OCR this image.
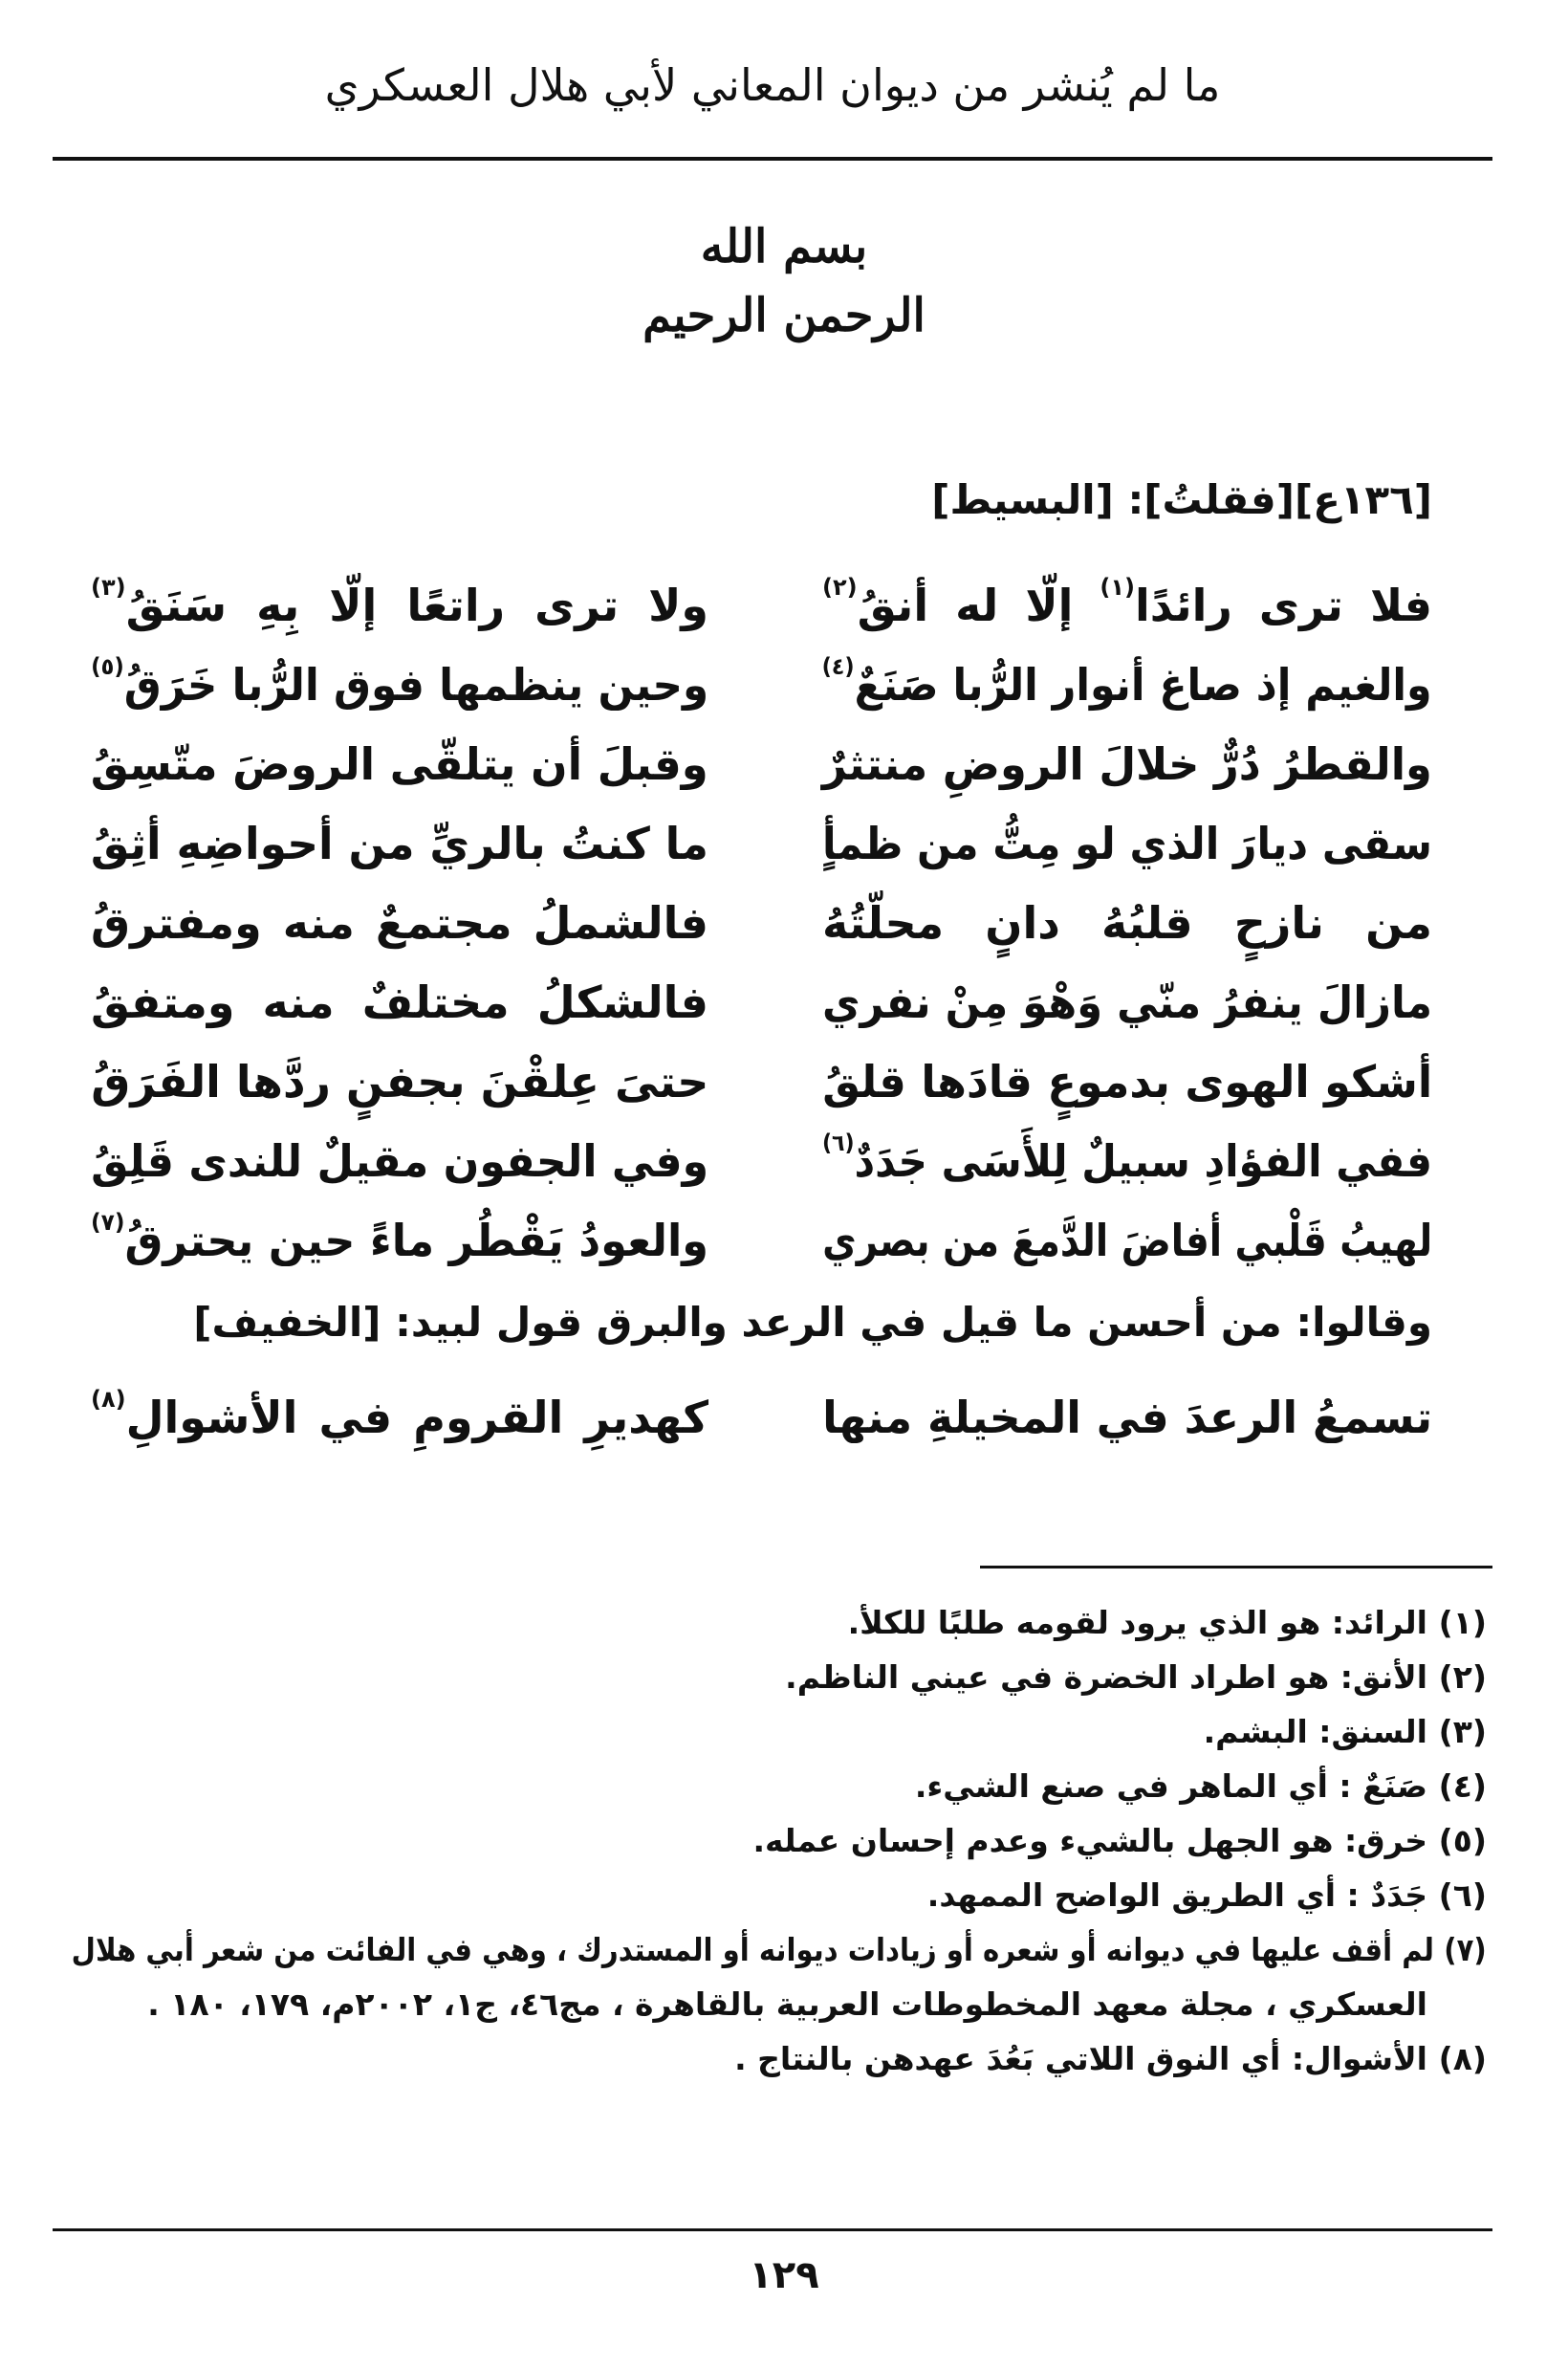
ما لم يُنشر من ديوان المعاني لأبي هلال العسكري
بسم الله
الرحمن الرحيم
[١٣٦ع][فقلتُ]: [البسيط]
فلا ترى رائدًا$^{(١)}$ إلّا له أنقُ$^{(٢)}$
ولا ترى راتعًا إلّا بِهِ سَنَقُ$^{(٣)}$
والغيم إذ صاغ أنوار الرُّبا صَنَعٌ$^{(٤)}$
وحين ينظمها فوق الرُّبا خَرَقُ$^{(٥)}$
والقطرُ دُرٌّ خلالَ الروضِ منتثرٌ
وقبلَ أن يتلقّى الروضَ متّسِقُ
سقى ديارَ الذي لو مِتُّ من ظمأٍ
ما كنتُ بالريِّ من أحواضِهِ أثِقُ
من نازحٍ قلبُهُ دانٍ محلّتُهُ
فالشملُ مجتمعٌ منه ومفترقُ
مازالَ ينفرُ منّي وَهْوَ مِنْ نفري
فالشكلُ مختلفٌ منه ومتفقُ
أشكو الهوى بدموعٍ قادَها قلقُ
حتىَ عِلقْنَ بجفنٍ ردَّها الفَرَقُ
ففي الفؤادِ سبيلٌ لِلأَسَى جَدَدٌ$^{(٦)}$
وفي الجفون مقيلٌ للندى قَلِقُ
لهيبُ قَلْبي أفاضَ الدَّمعَ من بصري
والعودُ يَقْطُر ماءً حين يحترقُ$^{(٧)}$
وقالوا: من أحسن ما قيل في الرعد والبرق قول لبيد: [الخفيف]
تسمعُ الرعدَ في المخيلةِ منها
كهديرِ القرومِ في الأشوالِ$^{(٨)}$
(١)الرائد: هو الذي يرود لقومه طلبًا للكلأ.
(٢)الأنق: هو اطراد الخضرة في عيني الناظم.
(٣)السنق: البشم.
(٤)صَنَعٌ : أي الماهر في صنع الشيء.
(٥)خرق: هو الجهل بالشيء وعدم إحسان عمله.
(٦)جَدَدٌ : أي الطريق الواضح الممهد.
(٧)لم أقف عليها في ديوانه أو شعره أو زيادات ديوانه أو المستدرك ، وهي في الفائت من شعر أبي هلال
العسكري ، مجلة معهد المخطوطات العربية بالقاهرة ، مج٤٦، ج١، ٢٠٠٢م، ١٧٩، ١٨٠ .
(٨)الأشوال: أي النوق اللاتي بَعُدَ عهدهن بالنتاج .
١٢٩
